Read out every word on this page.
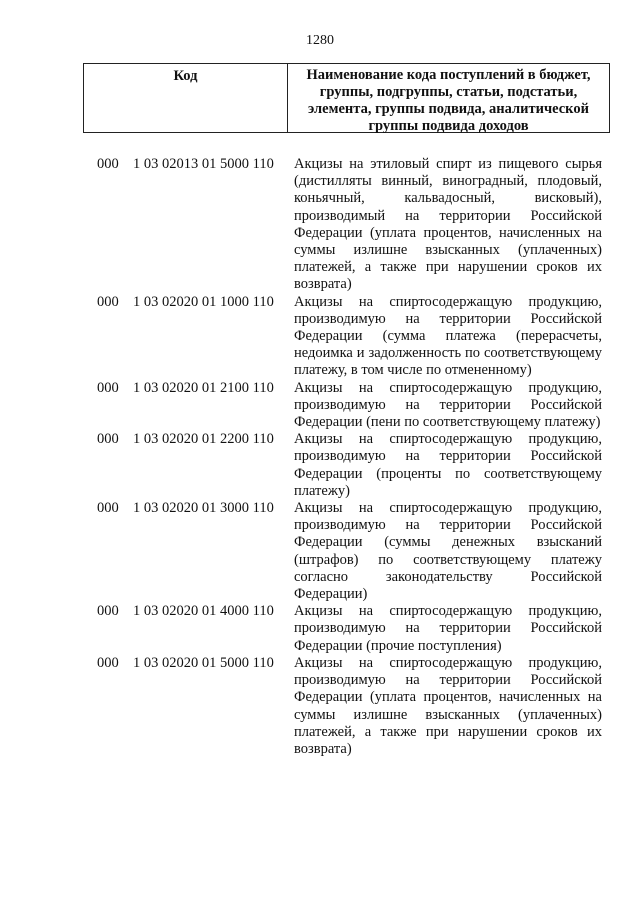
1280
Код	Наименование кода поступлений в бюджет, группы, подгруппы, статьи, подстатьи, элемента, группы подвида, аналитической группы подвида доходов
000 1 03 02013 01 5000 110 Акцизы на этиловый спирт из пищевого сырья (дистилляты винный, виноградный, плодовый, коньячный, кальвадосный, висковый), производимый на территории Российской Федерации (уплата процентов, начисленных на суммы излишне взысканных (уплаченных) платежей, а также при нарушении сроков их возврата)
000 1 03 02020 01 1000 110 Акцизы на спиртосодержащую продукцию, производимую на территории Российской Федерации (сумма платежа (перерасчеты, недоимка и задолженность по соответствующему платежу, в том числе по отмененному)
000 1 03 02020 01 2100 110 Акцизы на спиртосодержащую продукцию, производимую на территории Российской Федерации (пени по соответствующему платежу)
000 1 03 02020 01 2200 110 Акцизы на спиртосодержащую продукцию, производимую на территории Российской Федерации (проценты по соответствующему платежу)
000 1 03 02020 01 3000 110 Акцизы на спиртосодержащую продукцию, производимую на территории Российской Федерации (суммы денежных взысканий (штрафов) по соответствующему платежу согласно законодательству Российской Федерации)
000 1 03 02020 01 4000 110 Акцизы на спиртосодержащую продукцию, производимую на территории Российской Федерации (прочие поступления)
000 1 03 02020 01 5000 110 Акцизы на спиртосодержащую продукцию, производимую на территории Российской Федерации (уплата процентов, начисленных на суммы излишне взысканных (уплаченных) платежей, а также при нарушении сроков их возврата)
